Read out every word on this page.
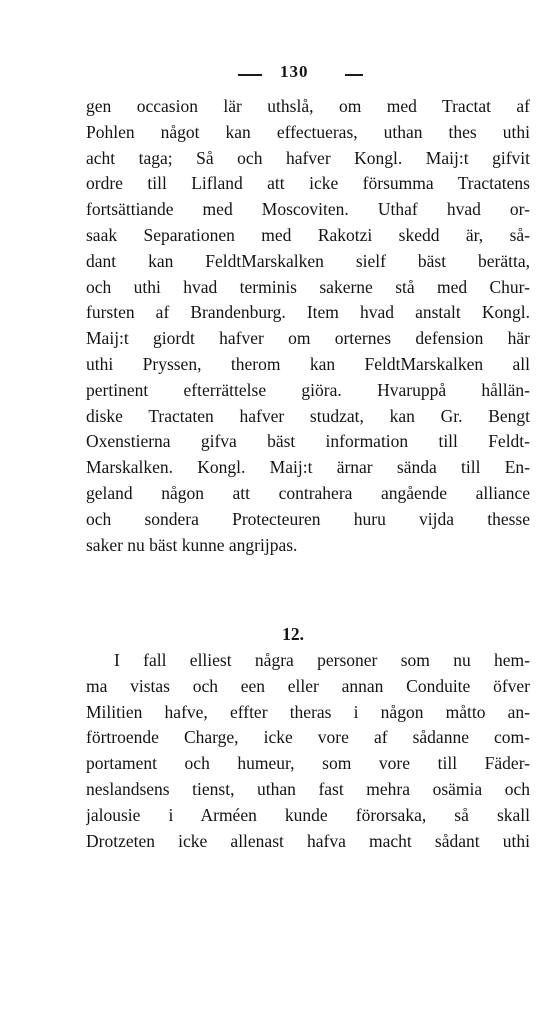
130
gen occasion lär uthslå, om med Tractat af
Pohlen något kan effectueras, uthan thes uthi
acht taga; Så och hafver Kongl. Maij:t gifvit
ordre till Lifland att icke försumma Tractatens
fortsättiande med Moscoviten. Uthaf hvad or-
saak Separationen med Rakotzi skedd är, så-
dant kan FeldtMarskalken sielf bäst berätta,
och uthi hvad terminis sakerne stå med Chur-
fursten af Brandenburg. Item hvad anstalt Kongl.
Maij:t giordt hafver om orternes defension här
uthi Pryssen, therom kan FeldtMarskalken all
pertinent efterrättelse giöra. Hvaruppå hållän-
diske Tractaten hafver studzat, kan Gr. Bengt
Oxenstierna gifva bäst information till Feldt-
Marskalken. Kongl. Maij:t ärnar sända till En-
geland någon att contrahera angående alliance
och sondera Protecteuren huru vijda thesse
saker nu bäst kunne angrijpas.
12.
I fall elliest några personer som nu hem-
ma vistas och een eller annan Conduite öfver
Militien hafve, effter theras i någon måtto an-
förtroende Charge, icke vore af sådanne com-
portament och humeur, som vore till Fäder-
neslandsens tienst, uthan fast mehra osämia och
jalousie i Arméen kunde förorsaka, så skall
Drotzeten icke allenast hafva macht sådant uthi
